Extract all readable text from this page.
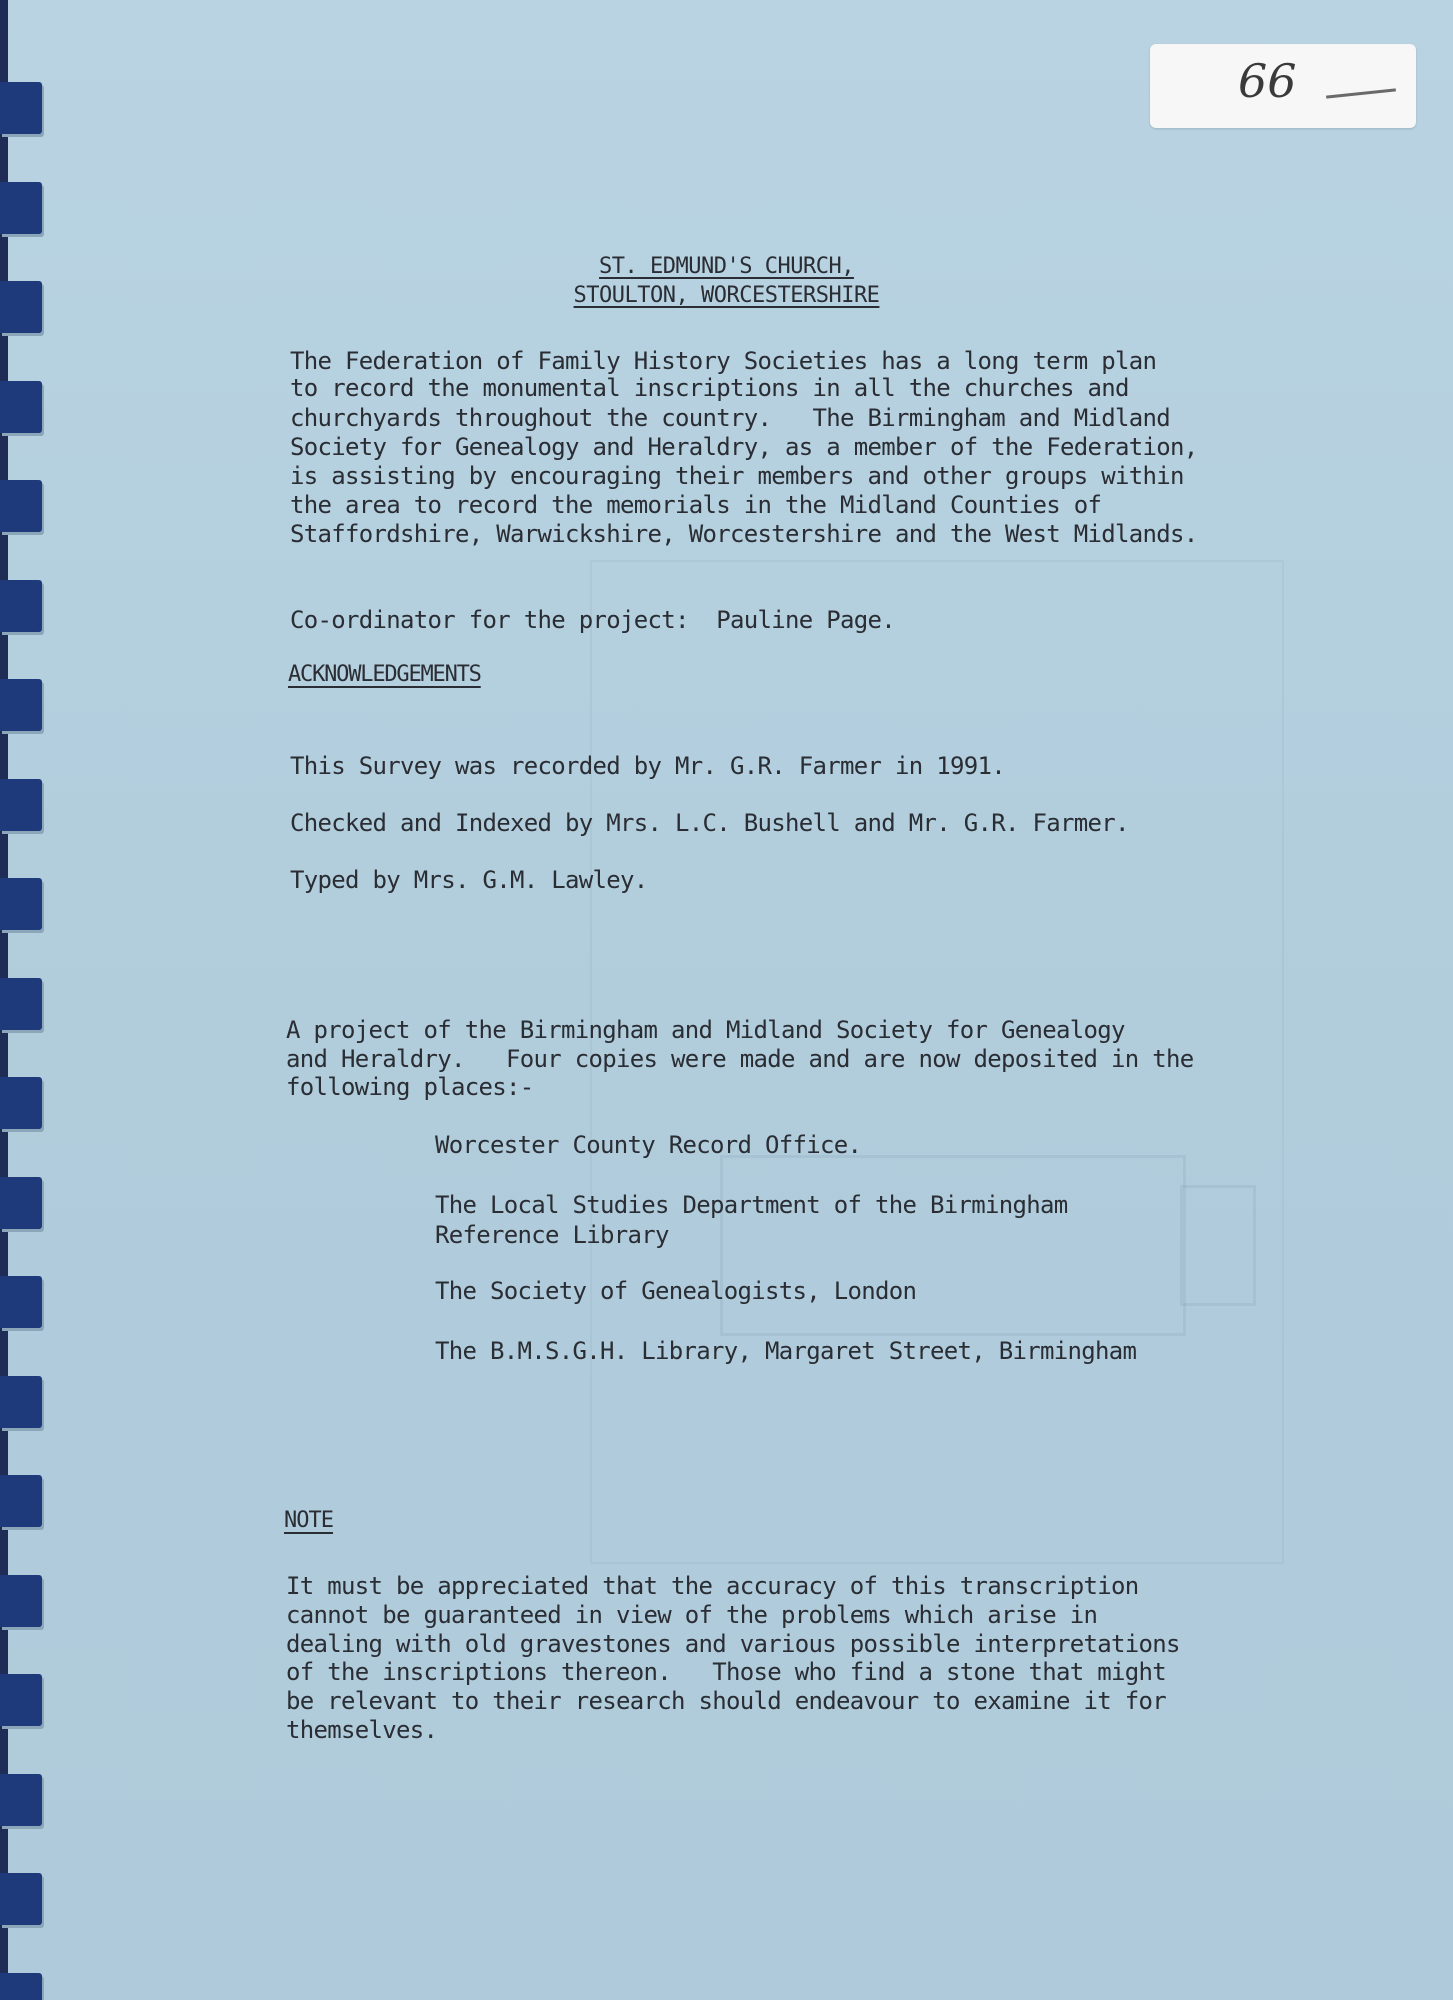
66
ST. EDMUND'S CHURCH,
STOULTON, WORCESTERSHIRE
The Federation of Family History Societies has a long term plan
to record the monumental inscriptions in all the churches and
churchyards throughout the country.   The Birmingham and Midland
Society for Genealogy and Heraldry, as a member of the Federation,
is assisting by encouraging their members and other groups within
the area to record the memorials in the Midland Counties of
Staffordshire, Warwickshire, Worcestershire and the West Midlands.
Co-ordinator for the project:  Pauline Page.
ACKNOWLEDGEMENTS
This Survey was recorded by Mr. G.R. Farmer in 1991.
Checked and Indexed by Mrs. L.C. Bushell and Mr. G.R. Farmer.
Typed by Mrs. G.M. Lawley.
A project of the Birmingham and Midland Society for Genealogy
and Heraldry.   Four copies were made and are now deposited in the
following places:-
Worcester County Record Office.
The Local Studies Department of the Birmingham
Reference Library
The Society of Genealogists, London
The B.M.S.G.H. Library, Margaret Street, Birmingham
NOTE
It must be appreciated that the accuracy of this transcription
cannot be guaranteed in view of the problems which arise in
dealing with old gravestones and various possible interpretations
of the inscriptions thereon.   Those who find a stone that might
be relevant to their research should endeavour to examine it for
themselves.
